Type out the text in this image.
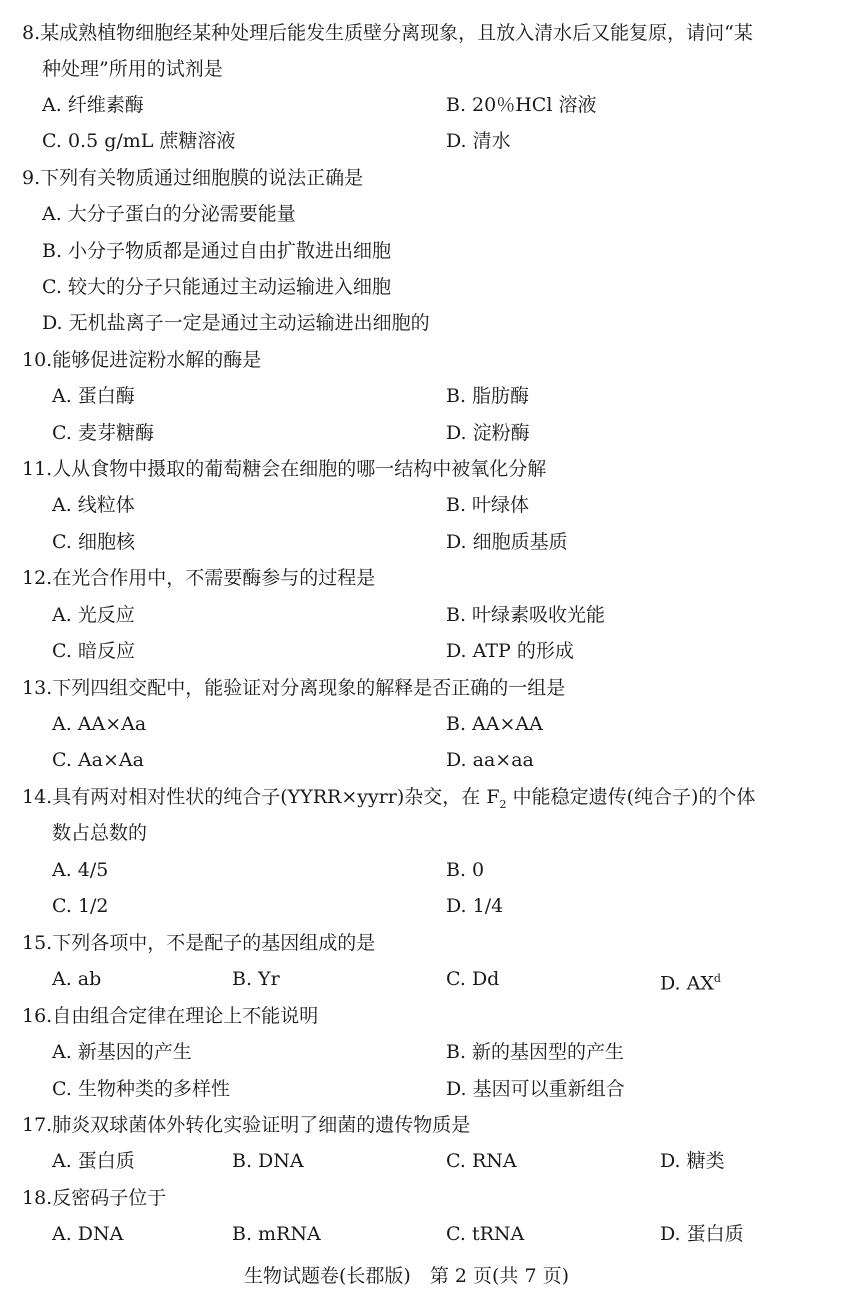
8.某成熟植物细胞经某种处理后能发生质壁分离现象，且放入清水后又能复原，请问“某
种处理”所用的试剂是
A. 纤维素酶	B. 20％HCl 溶液
C. 0.5 g/mL 蔗糖溶液	D. 清水
9.下列有关物质通过细胞膜的说法正确是
A. 大分子蛋白的分泌需要能量
B. 小分子物质都是通过自由扩散进出细胞
C. 较大的分子只能通过主动运输进入细胞
D. 无机盐离子一定是通过主动运输进出细胞的
10.能够促进淀粉水解的酶是
A. 蛋白酶	B. 脂肪酶
C. 麦芽糖酶	D. 淀粉酶
11.人从食物中摄取的葡萄糖会在细胞的哪一结构中被氧化分解
A. 线粒体	B. 叶绿体
C. 细胞核	D. 细胞质基质
12.在光合作用中，不需要酶参与的过程是
A. 光反应	B. 叶绿素吸收光能
C. 暗反应	D. ATP 的形成
13.下列四组交配中，能验证对分离现象的解释是否正确的一组是
A. AA×Aa	B. AA×AA
C. Aa×Aa	D. aa×aa
14.具有两对相对性状的纯合子(YYRR×yyrr)杂交，在 $F_2$ 中能稳定遗传(纯合子)的个体
数占总数的
A. 4/5	B. 0
C. 1/2	D. 1/4
15.下列各项中，不是配子的基因组成的是
A. ab	B. Yr	C. Dd	D. $AX^d$
16.自由组合定律在理论上不能说明
A. 新基因的产生	B. 新的基因型的产生
C. 生物种类的多样性	D. 基因可以重新组合
17.肺炎双球菌体外转化实验证明了细菌的遗传物质是
A. 蛋白质	B. DNA	C. RNA	D. 糖类
18.反密码子位于
A. DNA	B. mRNA	C. tRNA	D. 蛋白质
生物试题卷(长郡版)　第 2 页(共 7 页)
